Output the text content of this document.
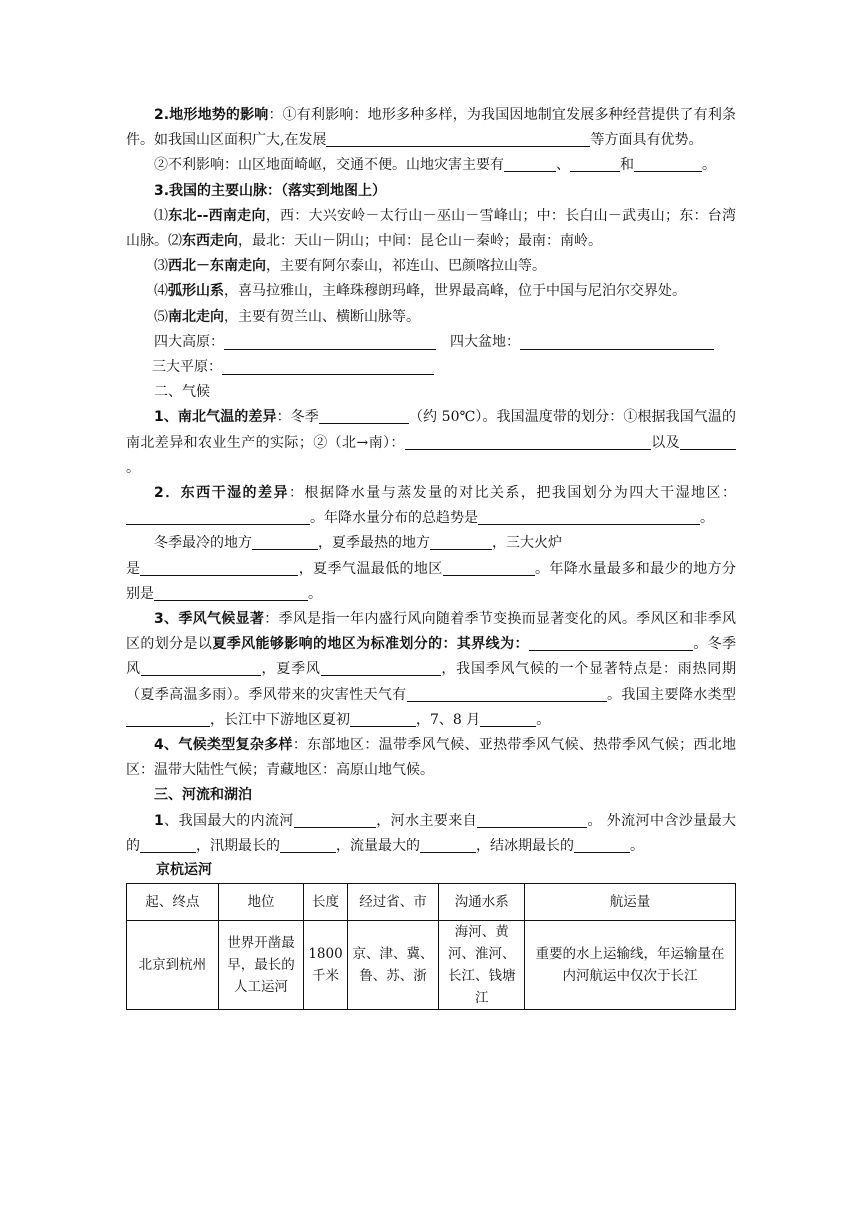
2.地形地势的影响：①有利影响：地形多种多样，为我国因地制宜发展多种经营提供了有利条件。如我国山区面积广大,在发展	等方面具有优势。
②不利影响：山区地面崎岖，交通不便。山地灾害主要有	、	和	。
3.我国的主要山脉：（落实到地图上）
⑴东北--西南走向，西：大兴安岭－太行山－巫山－雪峰山；中：长白山－武夷山；东：台湾山脉。⑵东西走向，最北：天山－阴山；中间：昆仑山－秦岭；最南：南岭。
⑶西北－东南走向，主要有阿尔泰山，祁连山、巴颜喀拉山等。
⑷弧形山系，喜马拉雅山，主峰珠穆朗玛峰，世界最高峰，位于中国与尼泊尔交界处。
⑸南北走向，主要有贺兰山、横断山脉等。
四大高原：	四大盆地：
三大平原：
二、气候
1、南北气温的差异：冬季	（约 50℃）。我国温度带的划分：①根据我国气温的南北差异和农业生产的实际；②（北→南）：	以及。
2．东西干湿的差异：根据降水量与蒸发量的对比关系，把我国划分为四大干湿地区：。年降水量分布的总趋势是	。
冬季最冷的地方	，夏季最热的地方	，三大火炉
是	，夏季气温最低的地区	。年降水量最多和最少的地方分别是	。
3、季风气候显著：季风是指一年内盛行风向随着季节变换而显著变化的风。季风区和非季风区的划分是以夏季风能够影响的地区为标准划分的：其界线为：	。冬季风	，夏季风	，我国季风气候的一个显著特点是：雨热同期（夏季高温多雨）。季风带来的灾害性天气有	。我国主要降水类型，长江中下游地区夏初	，7、8 月	。
4、气候类型复杂多样：东部地区：温带季风气候、亚热带季风气候、热带季风气候；西北地区：温带大陆性气候；青藏地区：高原山地气候。
三、河流和湖泊
1、我国最大的内流河	，河水主要来自	。 外流河中含沙量最大的	，汛期最长的	，流量最大的	，结冰期最长的	。
京杭运河
起、终点	地位	长度	经过省、市	沟通水系	航运量
北京到杭州	世界开凿最早，最长的人工运河	1800千米	京、津、冀、鲁、苏、浙	海河、黄河、淮河、长江、钱塘江	重要的水上运输线，年运输量在内河航运中仅次于长江
